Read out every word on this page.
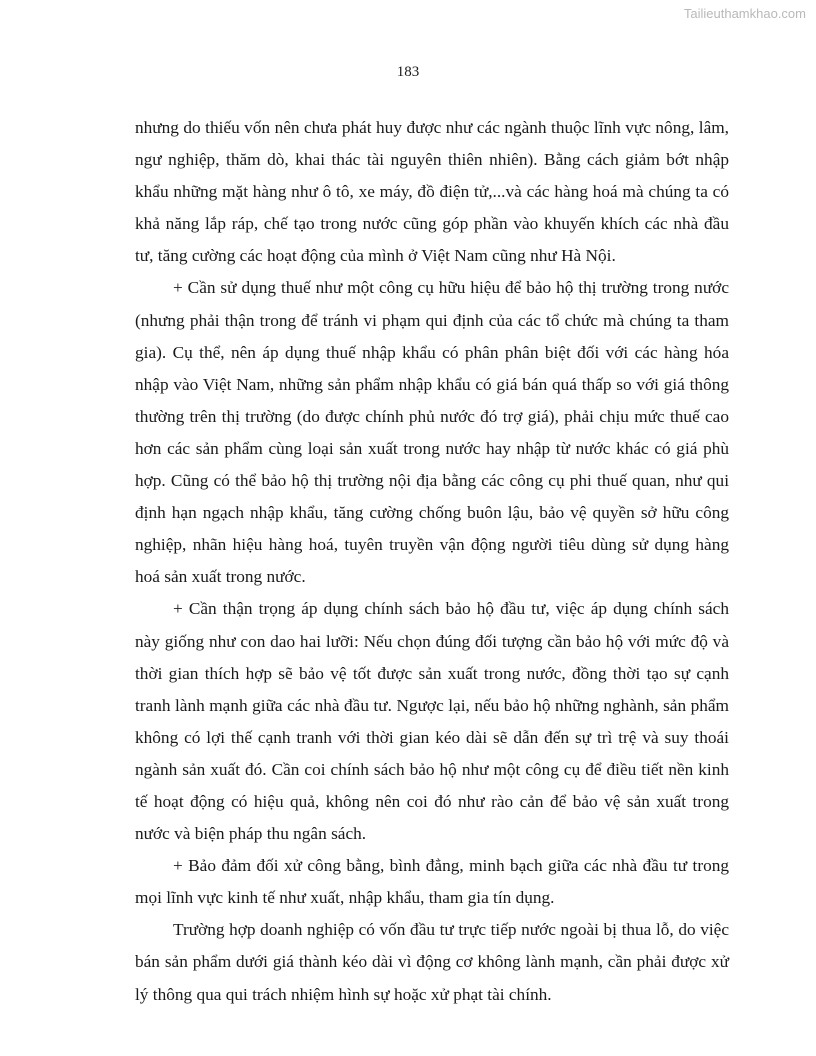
Tailieuthamkhao.com
183

nhưng do thiếu vốn nên chưa phát huy được như các ngành thuộc lĩnh vực nông, lâm, ngư nghiệp, thăm dò, khai thác tài nguyên thiên nhiên). Bằng cách giảm bớt nhập khẩu những mặt hàng như ô tô, xe máy, đồ điện tử,...và các hàng hoá mà chúng ta có khả năng lắp ráp, chế tạo trong nước cũng góp phần vào khuyến khích các nhà đầu tư, tăng cường các hoạt động của mình ở Việt Nam cũng như Hà Nội.

+ Cần sử dụng thuế như một công cụ hữu hiệu để bảo hộ thị trường trong nước (nhưng phải thận trong để tránh vi phạm qui định của các tổ chức mà chúng ta tham gia). Cụ thể, nên áp dụng thuế nhập khẩu có phân phân biệt đối với các hàng hóa nhập vào Việt Nam, những sản phẩm nhập khẩu có giá bán quá thấp so với giá thông thường trên thị trường (do được chính phủ nước đó trợ giá), phải chịu mức thuế cao hơn các sản phẩm cùng loại sản xuất trong nước hay nhập từ nước khác có giá phù hợp. Cũng có thể bảo hộ thị trường nội địa bằng các công cụ phi thuế quan, như qui định hạn ngạch nhập khẩu, tăng cường chống buôn lậu, bảo vệ quyền sở hữu công nghiệp, nhãn hiệu hàng hoá, tuyên truyền vận động người tiêu dùng sử dụng hàng hoá sản xuất trong nước.

+ Cần thận trọng áp dụng chính sách bảo hộ đầu tư, việc áp dụng chính sách này giống như con dao hai lưỡi: Nếu chọn đúng đối tượng cần bảo hộ với mức độ và thời gian thích hợp sẽ bảo vệ tốt được sản xuất trong nước, đồng thời tạo sự cạnh tranh lành mạnh giữa các nhà đầu tư. Ngược lại, nếu bảo hộ những nghành, sản phẩm không có lợi thế cạnh tranh với thời gian kéo dài sẽ dẫn đến sự trì trệ và suy thoái ngành sản xuất đó. Cần coi chính sách bảo hộ như một công cụ để điều tiết nền kinh tế hoạt động có hiệu quả, không nên coi đó như rào cản để bảo vệ sản xuất trong nước và biện pháp thu ngân sách.

+ Bảo đảm đối xử công bằng, bình đẳng, minh bạch giữa các nhà đầu tư trong mọi lĩnh vực kinh tế như xuất, nhập khẩu, tham gia tín dụng.

Trường hợp doanh nghiệp có vốn đầu tư trực tiếp nước ngoài bị thua lỗ, do việc bán sản phẩm dưới giá thành kéo dài vì động cơ không lành mạnh, cần phải được xử lý thông qua qui trách nhiệm hình sự hoặc xử phạt tài chính.
